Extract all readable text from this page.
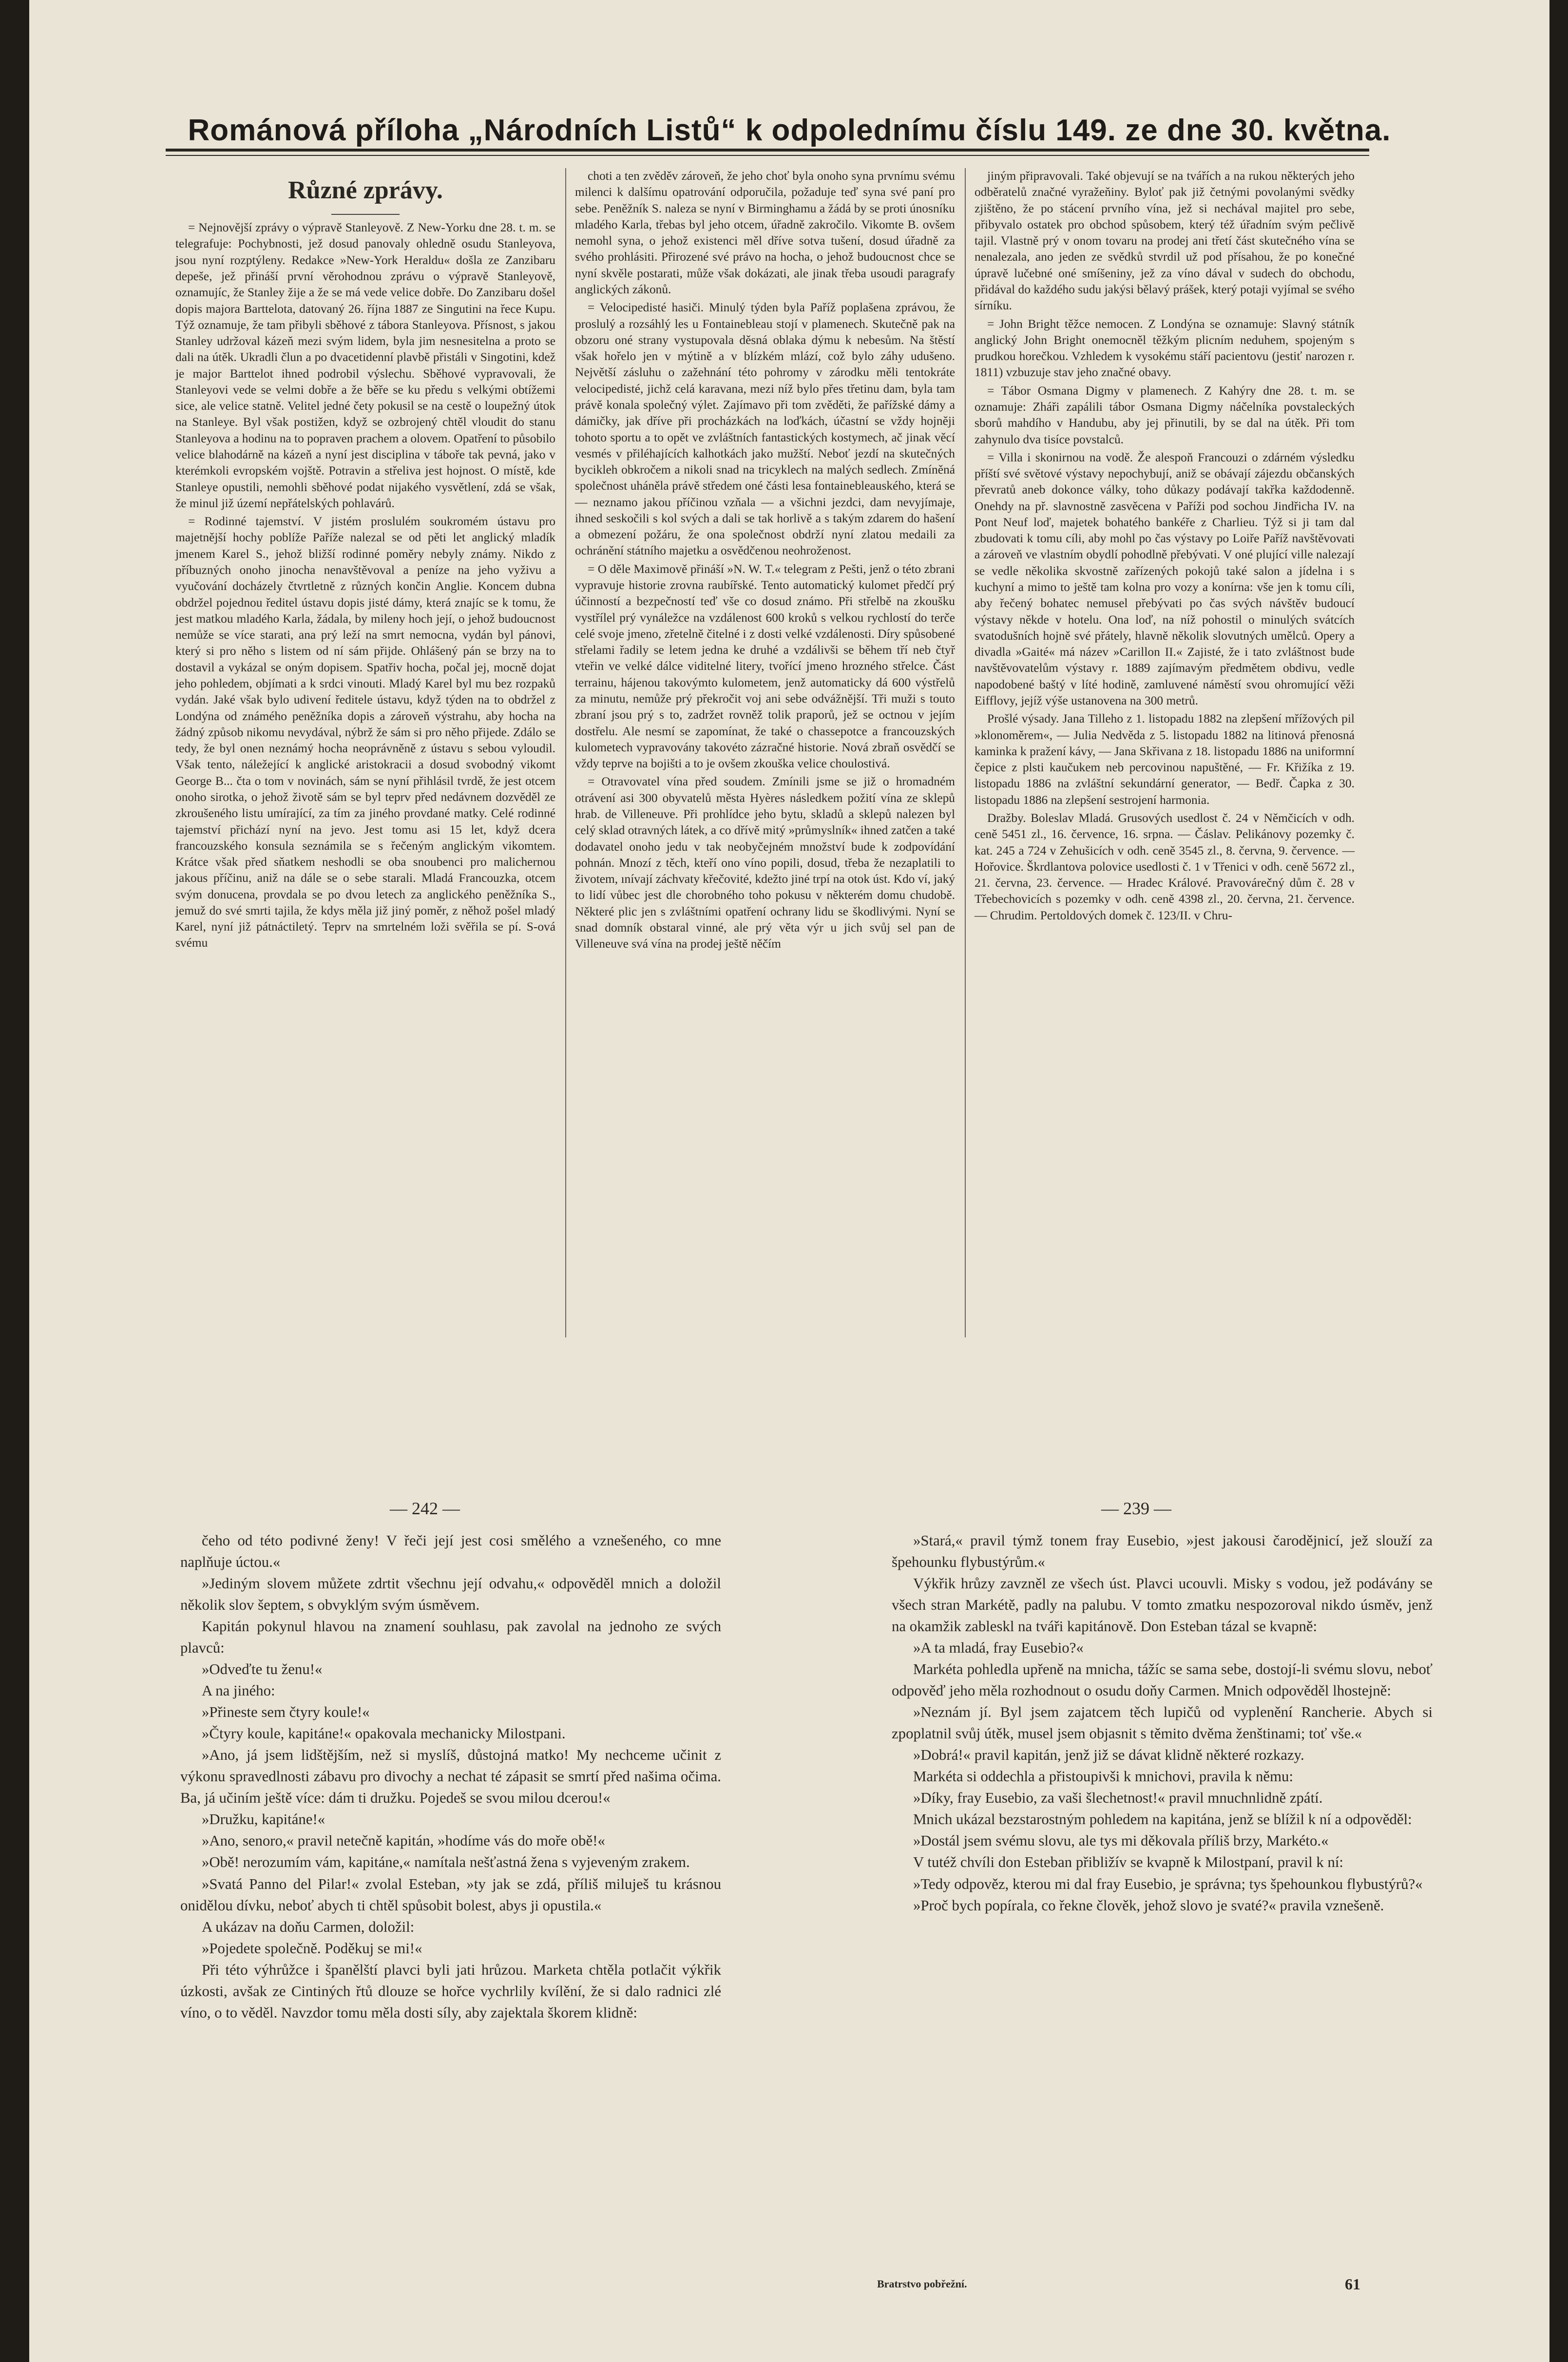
Románová příloha „Národních Listů“ k odpolednímu číslu 149. ze dne 30. května.
Různé zprávy.

= Nejnovější zprávy o výpravě Stanleyově. Z New-Yorku dne 28. t. m. se telegrafuje: Pochybnosti, jež dosud panovaly ohledně osudu Stanleyova, jsou nyní rozptýleny. Redakce »New-York Heraldu« došla ze Zanzibaru depeše, jež přináší první věrohodnou zprávu o výpravě Stanleyově, oznamujíc, že Stanley žije a že se má vede velice dobře. Do Zanzibaru došel dopis majora Barttelota, datovaný 26. října 1887 ze Singutini na řece Kupu. Týž oznamuje, že tam přibyli sběhové z tábora Stanleyova. Přísnost, s jakou Stanley udržoval kázeň mezi svým lidem, byla jim nesnesitelna a proto se dali na útěk. Ukradli člun a po dvacetidenní plavbě přistáli v Singotini, kdež je major Barttelot ihned podrobil výslechu. Sběhové vypravovali, že Stanleyovi vede se velmi dobře a že běře se ku předu s velkými obtížemi sice, ale velice statně. Velitel jedné čety pokusil se na cestě o loupežný útok na Stanleye. Byl však postižen, když se ozbrojený chtěl vloudit do stanu Stanleyova a hodinu na to popraven prachem a olovem. Opatření to působilo velice blahodárně na kázeň a nyní jest disciplina v táboře tak pevná, jako v kterémkoli evropském vojště. Potravin a střeliva jest hojnost. O místě, kde Stanleye opustili, nemohli sběhové podat nijakého vysvětlení, zdá se však, že minul již území nepřátelských pohlavárů.

= Rodinné tajemství. V jistém proslulém soukromém ústavu pro majetnější hochy poblíže Paříže nalezal se od pěti let anglický mladík jmenem Karel S., jehož bližší rodinné poměry nebyly známy. Nikdo z příbuzných onoho jinocha nenavštěvoval a peníze na jeho vyživu a vyučování docházely čtvrtletně z různých končin Anglie. Koncem dubna obdržel pojednou ředitel ústavu dopis jisté dámy, která znajíc se k tomu, že jest matkou mladého Karla, žádala, by mileny hoch její, o jehož budoucnost nemůže se více starati, ana prý leží na smrt nemocna, vydán byl pánovi, který si pro něho s listem od ní sám přijde. Ohlášený pán se brzy na to dostavil a vykázal se oným dopisem. Spatřiv hocha, počal jej, mocně dojat jeho pohledem, objímati a k srdci vinouti. Mladý Karel byl mu bez rozpaků vydán. Jaké však bylo udivení ředitele ústavu, když týden na to obdržel z Londýna od známého peněžníka dopis a zároveň výstrahu, aby hocha na žádný způsob nikomu nevydával, nýbrž že sám si pro něho přijede. Zdálo se tedy, že byl onen neznámý hocha neoprávněně z ústavu s sebou vyloudil. Však tento, náležející k anglické aristokracii a dosud svobodný vikomt George B... čta o tom v novinách, sám se nyní přihlásil tvrdě, že jest otcem onoho sirotka, o jehož životě sám se byl teprv před nedávnem dozvěděl ze zkroušeného listu umírající, za tím za jiného provdané matky. Celé rodinné tajemství přichází nyní na jevo. Jest tomu asi 15 let, když dcera francouzského konsula seznámila se s řečeným anglickým vikomtem. Krátce však před sňatkem neshodli se oba snoubenci pro malichernou jakous příčinu, aniž na dále se o sebe starali. Mladá Francouzka, otcem svým donucena, provdala se po dvou letech za anglického peněžníka S., jemuž do své smrti tajila, že kdys měla již jiný poměr, z něhož pošel mladý Karel, nyní již pátnáctiletý. Teprv na smrtelném loži svěřila se pí. S-ová svému

choti a ten zvěděv zároveň, že jeho choť byla onoho syna prvnímu svému milenci k dalšímu opatrování odporučila, požaduje teď syna své paní pro sebe. Peněžník S. naleza se nyní v Birminghamu a žádá by se proti únosníku mladého Karla, třebas byl jeho otcem, úřadně zakročilo. Vikomte B. ovšem nemohl syna, o jehož existenci měl dříve sotva tušení, dosud úřadně za svého prohlásiti. Přirozené své právo na hocha, o jehož budoucnost chce se nyní skvěle postarati, může však dokázati, ale jinak třeba usoudi paragrafy anglických zákonů.

= Velocipedisté hasiči. Minulý týden byla Paříž poplašena zprávou, že proslulý a rozsáhlý les u Fontainebleau stojí v plamenech. Skutečně pak na obzoru oné strany vystupovala děsná oblaka dýmu k nebesům. Na štěstí však hořelo jen v mýtině a v blízkém mlází, což bylo záhy udušeno. Největší zásluhu o zažehnání této pohromy v zárodku měli tentokráte velocipedisté, jichž celá karavana, mezi níž bylo přes třetinu dam, byla tam právě konala společný výlet. Zajímavo při tom zvěděti, že pařížské dámy a dámičky, jak dříve při procházkách na loďkách, účastní se vždy hojněji tohoto sportu a to opět ve zvláštních fantastických kostymech, ač jinak věcí vesmés v přiléhajících kalhotkách jako mužští. Neboť jezdí na skutečných bycikleh obkročem a nikoli snad na tricyklech na malých sedlech. Zmíněná společnost uháněla právě středem oné části lesa fontainebleauského, která se — neznamo jakou příčinou vzňala — a všichni jezdci, dam nevyjímaje, ihned seskočili s kol svých a dali se tak horlivě a s takým zdarem do hašení a obmezení požáru, že ona společnost obdrží nyní zlatou medaili za ochránění státního majetku a osvědčenou neohroženost.

= O děle Maximově přináší »N. W. T.« telegram z Pešti, jenž o této zbrani vypravuje historie zrovna raubířské. Tento automatický kulomet předčí prý účinností a bezpečností teď vše co dosud známo. Při střelbě na zkoušku vystřílel prý vynáležce na vzdálenost 600 kroků s velkou rychlostí do terče celé svoje jmeno, zřetelně čitelné i z dosti velké vzdálenosti. Díry spůsobené střelami řadily se letem jedna ke druhé a vzdálivši se během tří neb čtyř vteřin ve velké dálce viditelné litery, tvořící jmeno hrozného střelce. Část terrainu, hájenou takovýmto kulometem, jenž automaticky dá 600 výstřelů za minutu, nemůže prý překročit voj ani sebe odvážnější. Tři muži s touto zbraní jsou prý s to, zadržet rovněž tolik praporů, jež se octnou v jejím dostřelu. Ale nesmí se zapomínat, že také o chassepotce a francouzských kulometech vypravovány takovéto zázračné historie. Nová zbraň osvědčí se vždy teprve na bojišti a to je ovšem zkouška velice choulostivá.

= Otravovatel vína před soudem. Zmínili jsme se již o hromadném otrávení asi 300 obyvatelů města Hyères následkem požití vína ze sklepů hrab. de Villeneuve. Při prohlídce jeho bytu, skladů a sklepů nalezen byl celý sklad otravných látek, a co dřívě mitý »průmyslník« ihned zatčen a také dodavatel onoho jedu v tak neobyčejném množství bude k zodpovídání pohnán. Mnozí z těch, kteří ono víno popili, dosud, třeba že nezaplatili to životem, ınívají záchvaty křečovité, kdežto jiné trpí na otok úst. Kdo ví, jaký to lidí vůbec jest dle chorobného toho pokusu v některém domu chudobě. Některé plic jen s zvláštními opatření ochrany lidu se škodlivými. Nyní se snad domník obstaral vinné, ale prý věta výr u jich svůj sel pan de Villeneuve svá vína na prodej ještě něčím

jiným připravovali. Také objevují se na tvářích a na rukou některých jeho odběratelů značné vyražeňiny. Byloť pak již četnými povolanými svědky zjištěno, že po stácení prvního vína, jež si nechával majitel pro sebe, přibyvalo ostatek pro obchod spůsobem, který též úřadním svým pečlivě tajil. Vlastně prý v onom tovaru na prodej ani třetí část skutečného vína se nenalezala, ano jeden ze svědků stvrdil už pod přísahou, že po konečné úpravě lučebné oné smíšeniny, jež za víno dával v sudech do obchodu, přidával do každého sudu jakýsi bělavý prášek, který potaji vyjímal se svého sírníku.

= John Bright těžce nemocen. Z Londýna se oznamuje: Slavný státník anglický John Bright onemocněl těžkým plicním neduhem, spojeným s prudkou horečkou. Vzhledem k vysokému stáří pacientovu (jestiť narozen r. 1811) vzbuzuje stav jeho značné obavy.

= Tábor Osmana Digmy v plamenech. Z Kahýry dne 28. t. m. se oznamuje: Zháři zapálili tábor Osmana Digmy náčelníka povstaleckých sborů mahdího v Handubu, aby jej přinutili, by se dal na útěk. Při tom zahynulo dva tisíce povstalců.

= Villa i skonirnou na vodě. Že alespoň Francouzi o zdárném výsledku příští své světové výstavy nepochybují, aniž se obávají zájezdu občanských převratů aneb dokonce války, toho důkazy podávají takřka každodenně. Onehdy na př. slavnostně zasvěcena v Paříži pod sochou Jindřicha IV. na Pont Neuf loď, majetek bohatého bankéře z Charlieu. Týž si ji tam dal zbudovati k tomu cíli, aby mohl po čas výstavy po Loiře Paříž navštěvovati a zároveň ve vlastním obydlí pohodlně přebývati. V oné plující ville nalezají se vedle několika skvostně zařízených pokojů také salon a jídelna i s kuchyní a mimo to ještě tam kolna pro vozy a konírna: vše jen k tomu cíli, aby řečený bohatec nemusel přebývati po čas svých návštěv budoucí výstavy někde v hotelu. Ona loď, na níž pohostil o minulých svátcích svatodušních hojně své přátely, hlavně několik slovutných umělců. Opery a divadla »Gaité« má název »Carillon II.« Zajisté, že i tato zvláštnost bude navštěvovatelům výstavy r. 1889 zajímavým předmětem obdivu, vedle napodobené baštý v líté hodině, zamluvené náměstí svou ohromující věži Eifflovy, jejíž výše ustanovena na 300 metrů.

Prošlé výsady. Jana Tilleho z 1. listopadu 1882 na zlepšení mřížových pil »klonoměrem«, — Julia Nedvěda z 5. listopadu 1882 na litinová přenosná kaminka k pražení kávy, — Jana Skřivana z 18. listopadu 1886 na uniformní čepice z plsti kaučukem neb percovinou napuštěné, — Fr. Křižíka z 19. listopadu 1886 na zvláštní sekundární generator, — Bedř. Čapka z 30. listopadu 1886 na zlepšení sestrojení harmonia.

Dražby. Boleslav Mladá. Grusových usedlost č. 24 v Němčicích v odh. ceně 5451 zl., 16. července, 16. srpna. — Čáslav. Pelikánovy pozemky č. kat. 245 a 724 v Zehušicích v odh. ceně 3545 zl., 8. června, 9. července. — Hořovice. Škrdlantova polovice usedlosti č. 1 v Třenici v odh. ceně 5672 zl., 21. června, 23. července. — Hradec Králové. Pravovárečný dům č. 28 v Třebechovicích s pozemky v odh. ceně 4398 zl., 20. června, 21. července. — Chrudim. Pertoldových domek č. 123/II. v Chru-

— 242 —	— 239 —

čeho od této podivné ženy! V řeči její jest cosi smělého a vznešeného, co mne naplňuje úctou.«

»Jediným slovem můžete zdrtit všechnu její odvahu,« odpověděl mnich a doložil několik slov šeptem, s obvyklým svým úsměvem.

Kapitán pokynul hlavou na znamení souhlasu, pak zavolal na jednoho ze svých plavců:

»Odveďte tu ženu!«

A na jiného:

»Přineste sem čtyry koule!«

»Čtyry koule, kapitáne!« opakovala mechanicky Milostpani.

»Ano, já jsem lidštějším, než si myslíš, důstojná matko! My nechceme učinit z výkonu spravedlnosti zábavu pro divochy a nechat té zápasit se smrtí před našima očima. Ba, já učiním ještě více: dám ti družku. Pojedeš se svou milou dcerou!«

»Družku, kapitáne!«

»Ano, senoro,« pravil netečně kapitán, »hodíme vás do moře obě!«

»Obě! nerozumím vám, kapitáne,« namítala nešťastná žena s vyjeveným zrakem.

»Svatá Panno del Pilar!« zvolal Esteban, »ty jak se zdá, příliš miluješ tu krásnou onidělou dívku, neboť abych ti chtěl spůsobit bolest, abys ji opustila.«

A ukázav na doňu Carmen, doložil:

»Pojedete společně. Poděkuj se mi!«

Při této výhrůžce i španělští plavci byli jati hrůzou. Marketa chtěla potlačit výkřik úzkosti, avšak ze Cintiných řtů dlouze se hořce vychrlily kvílění, že si dalo radnici zlé víno, o to věděl. Navzdor tomu měla dosti síly, aby zajektala škorem klidně:

»Stará,« pravil týmž tonem fray Eusebio, »jest jakousi čarodějnicí, jež slouží za špehounku flybustýrům.«

Výkřik hrůzy zavzněl ze všech úst. Plavci ucouvli. Misky s vodou, jež podávány se všech stran Markétě, padly na palubu. V tomto zmatku nespozoroval nikdo úsměv, jenž na okamžik zableskl na tváři kapitánově. Don Esteban tázal se kvapně:

»A ta mladá, fray Eusebio?«

Markéta pohledla upřeně na mnicha, tážíc se sama sebe, dostojí-li svému slovu, neboť odpověď jeho měla rozhodnout o osudu doňy Carmen. Mnich odpověděl lhostejně:

»Neznám jí. Byl jsem zajatcem těch lupičů od vyplenění Rancherie. Abych si zpoplatnil svůj útěk, musel jsem objasnit s těmito dvěma ženštinami; toť vše.«

»Dobrá!« pravil kapitán, jenž již se dávat klidně některé rozkazy.

Markéta si oddechla a přistoupivši k mnichovi, pravila k němu:

»Díky, fray Eusebio, za vaši šlechetnost!« pravil mnuchnlidně zpátí.

Mnich ukázal bezstarostným pohledem na kapitána, jenž se blížil k ní a odpověděl:

»Dostál jsem svému slovu, ale tys mi děkovala příliš brzy, Markéto.«

V tutéž chvíli don Esteban přibližív se kvapně k Milostpaní, pravil k ní:

»Tedy odpověz, kterou mi dal fray Eusebio, je správna; tys špehounkou flybustýrů?«

»Proč bych popírala, co řekne člověk, jehož slovo je svaté?« pravila vznešeně.

Bratrstvo pobřežní.	61
